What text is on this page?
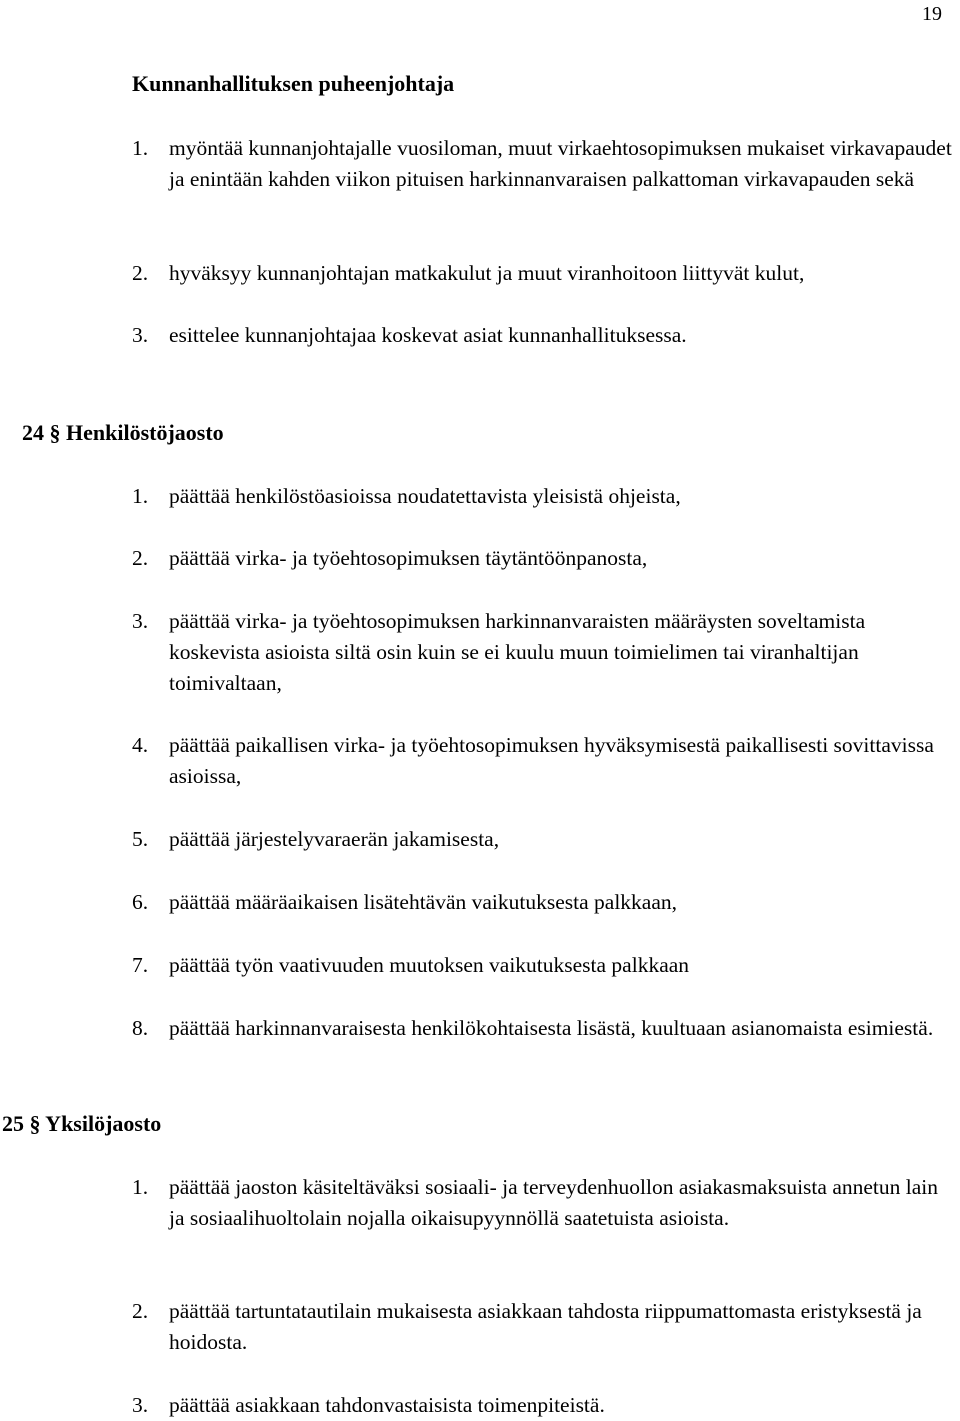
19
Kunnanhallituksen puheenjohtaja
1. myöntää kunnanjohtajalle vuosiloman, muut virkaehtosopimuksen mukaiset virkavapaudet ja enintään kahden viikon pituisen harkinnanvaraisen palkattoman virkavapauden sekä
2. hyväksyy kunnanjohtajan matkakulut ja muut viranhoitoon liittyvät kulut,
3. esittelee kunnanjohtajaa koskevat asiat kunnanhallituksessa.
24 § Henkilöstöjaosto
1. päättää henkilöstöasioissa noudatettavista yleisistä ohjeista,
2. päättää virka- ja työehtosopimuksen täytäntöönpanosta,
3. päättää virka- ja työehtosopimuksen harkinnanvaraisten määräysten soveltamista koskevista asioista siltä osin kuin se ei kuulu muun toimielimen tai viranhaltijan toimivaltaan,
4. päättää paikallisen virka- ja työehtosopimuksen hyväksymisestä paikallisesti sovittavissa asioissa,
5. päättää järjestelyvaraerän jakamisesta,
6. päättää määräaikaisen lisätehtävän vaikutuksesta palkkaan,
7. päättää työn vaativuuden muutoksen vaikutuksesta palkkaan
8. päättää harkinnanvaraisesta henkilökohtaisesta lisästä, kuultuaan asianomaista esimiestä.
25 § Yksilöjaosto
1. päättää jaoston käsiteltäväksi sosiaali- ja terveydenhuollon asiakasmaksuista annetun lain ja sosiaalihuoltolain nojalla oikaisupyynnöllä saatetuista asioista.
2. päättää tartuntatautilain mukaisesta asiakkaan tahdosta riippumattomasta eristyksestä ja hoidosta.
3. päättää asiakkaan tahdonvastaisista toimenpiteistä.
